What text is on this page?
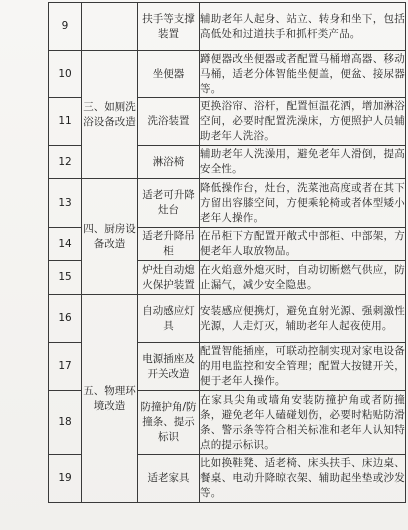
9		扶手等支撑装置	辅助老年人起身、站立、转身和坐下，包括高低处和过道扶手和抓杆类产品。

10	三、如厕洗浴设备改造	坐便器	蹲便器改坐便器或者配置马桶增高器、移动马桶，适老分体智能坐便盖，便盆、接尿器等。

11		洗浴装置	更换浴帘、浴杆，配置恒温花洒，增加淋浴空间，必要时配置洗澡床，方便照护人员辅助老年人洗浴。

12		淋浴椅	辅助老年人洗澡用，避免老年人滑倒，提高安全性。

13	四、厨房设备改造	适老可升降灶台	降低操作台，灶台，洗菜池高度或者在其下方留出容膝空间，方便乘轮椅或者体型矮小老年人操作。

14		适老升降吊柜	在吊柜下方配置开敞式中部柜、中部架，方便老年人取放物品。

15		炉灶自动熄火保护装置	在火焰意外熄灭时，自动切断燃气供应，防止漏气，减少安全隐患。

16	五、物理环境改造	自动感应灯具	安装感应便携灯，避免直射光源、强刺激性光源，人走灯灭，辅助老年人起夜使用。

17		电源插座及开关改造	配置智能插座，可联动控制实现对家电设备的用电监控和安全管理；配置大按键开关，便于老年人操作。

18		防撞护角/防撞条、提示标识	在家具尖角或墙角安装防撞护角或者防撞条，避免老年人磕碰划伤，必要时粘贴防滑条、警示条等符合相关标准和老年人认知特点的提示标识。

19		适老家具	比如换鞋凳、适老椅、床头扶手、床边桌、餐桌、电动升降晾衣架、辅助起坐垫或沙发等。
